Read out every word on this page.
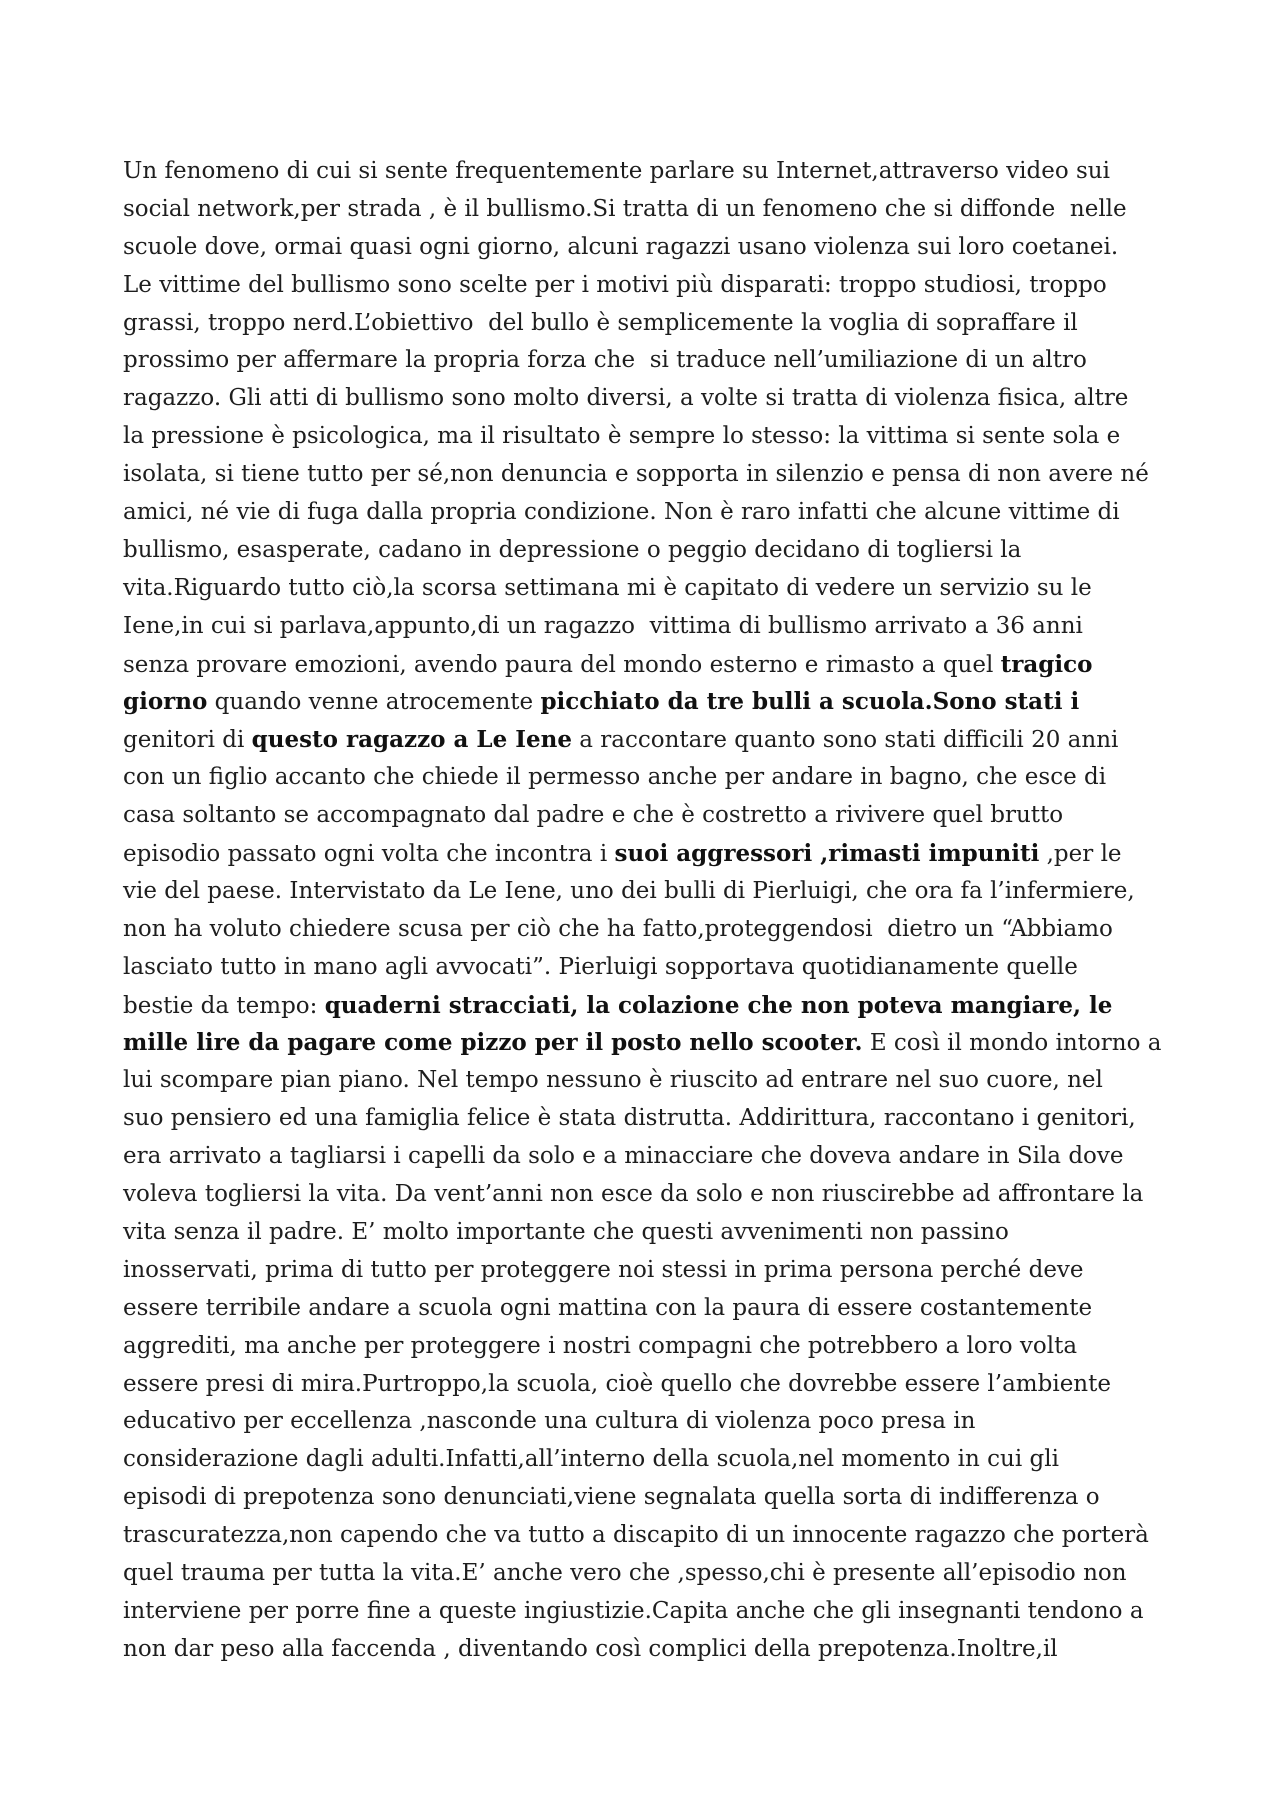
Un fenomeno di cui si sente frequentemente parlare su Internet,attraverso video sui
social network,per strada , è il bullismo.Si tratta di un fenomeno che si diffonde  nelle
scuole dove, ormai quasi ogni giorno, alcuni ragazzi usano violenza sui loro coetanei.
Le vittime del bullismo sono scelte per i motivi più disparati: troppo studiosi, troppo
grassi, troppo nerd.L’obiettivo  del bullo è semplicemente la voglia di sopraffare il
prossimo per affermare la propria forza che  si traduce nell’umiliazione di un altro
ragazzo. Gli atti di bullismo sono molto diversi, a volte si tratta di violenza fisica, altre
la pressione è psicologica, ma il risultato è sempre lo stesso: la vittima si sente sola e
isolata, si tiene tutto per sé,non denuncia e sopporta in silenzio e pensa di non avere né
amici, né vie di fuga dalla propria condizione. Non è raro infatti che alcune vittime di
bullismo, esasperate, cadano in depressione o peggio decidano di togliersi la
vita.Riguardo tutto ciò,la scorsa settimana mi è capitato di vedere un servizio su le
Iene,in cui si parlava,appunto,di un ragazzo  vittima di bullismo arrivato a 36 anni
senza provare emozioni, avendo paura del mondo esterno e rimasto a quel tragico
giorno quando venne atrocemente picchiato da tre bulli a scuola.Sono stati i
genitori di questo ragazzo a Le Iene a raccontare quanto sono stati difficili 20 anni
con un figlio accanto che chiede il permesso anche per andare in bagno, che esce di
casa soltanto se accompagnato dal padre e che è costretto a rivivere quel brutto
episodio passato ogni volta che incontra i suoi aggressori ,rimasti impuniti ,per le
vie del paese. Intervistato da Le Iene, uno dei bulli di Pierluigi, che ora fa l’infermiere,
non ha voluto chiedere scusa per ciò che ha fatto,proteggendosi  dietro un “Abbiamo
lasciato tutto in mano agli avvocati”. Pierluigi sopportava quotidianamente quelle
bestie da tempo: quaderni stracciati, la colazione che non poteva mangiare, le
mille lire da pagare come pizzo per il posto nello scooter. E così il mondo intorno a
lui scompare pian piano. Nel tempo nessuno è riuscito ad entrare nel suo cuore, nel
suo pensiero ed una famiglia felice è stata distrutta. Addirittura, raccontano i genitori,
era arrivato a tagliarsi i capelli da solo e a minacciare che doveva andare in Sila dove
voleva togliersi la vita. Da vent’anni non esce da solo e non riuscirebbe ad affrontare la
vita senza il padre. E’ molto importante che questi avvenimenti non passino
inosservati, prima di tutto per proteggere noi stessi in prima persona perché deve
essere terribile andare a scuola ogni mattina con la paura di essere costantemente
aggrediti, ma anche per proteggere i nostri compagni che potrebbero a loro volta
essere presi di mira.Purtroppo,la scuola, cioè quello che dovrebbe essere l’ambiente
educativo per eccellenza ,nasconde una cultura di violenza poco presa in
considerazione dagli adulti.Infatti,all’interno della scuola,nel momento in cui gli
episodi di prepotenza sono denunciati,viene segnalata quella sorta di indifferenza o
trascuratezza,non capendo che va tutto a discapito di un innocente ragazzo che porterà
quel trauma per tutta la vita.E’ anche vero che ,spesso,chi è presente all’episodio non
interviene per porre fine a queste ingiustizie.Capita anche che gli insegnanti tendono a
non dar peso alla faccenda , diventando così complici della prepotenza.Inoltre,il
